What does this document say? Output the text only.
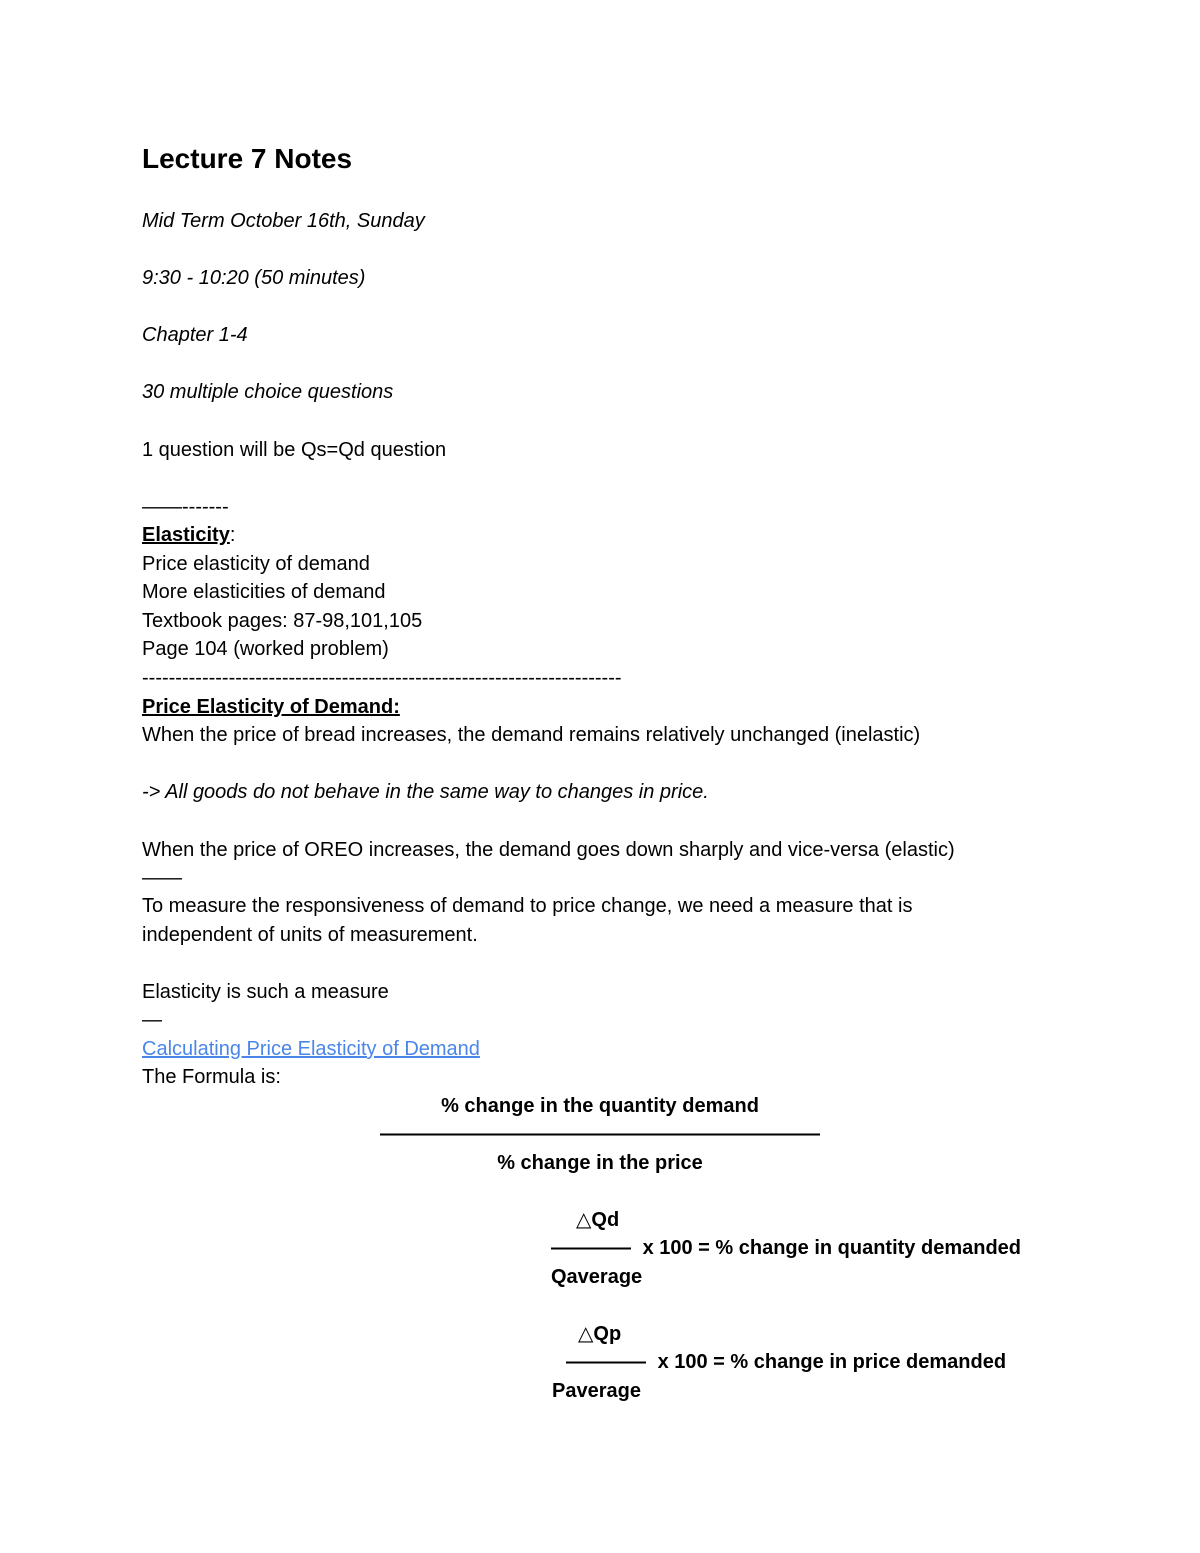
Lecture 7 Notes
Mid Term October 16th, Sunday
9:30 - 10:20 (50 minutes)
Chapter 1-4
30 multiple choice questions
1 question will be Qs=Qd question
——-------
Elasticity:
Price elasticity of demand
More elasticities of demand
Textbook pages: 87-98,101,105
Page 104 (worked problem)
------------------------------------------------------------------------
Price Elasticity of Demand:
When the price of bread increases, the demand remains relatively unchanged (inelastic)
-> All goods do not behave in the same way to changes in price.
When the price of OREO increases, the demand goes down sharply and vice-versa (elastic)
——
To measure the responsiveness of demand to price change, we need a measure that is
independent of units of measurement.
Elasticity is such a measure
—
Calculating Price Elasticity of Demand
The Formula is:
% change in the quantity demand
——————————————————————
% change in the price
△Qd
———— x 100 = % change in quantity demanded
Qaverage
△Qp
———— x 100 = % change in price demanded
Paverage
